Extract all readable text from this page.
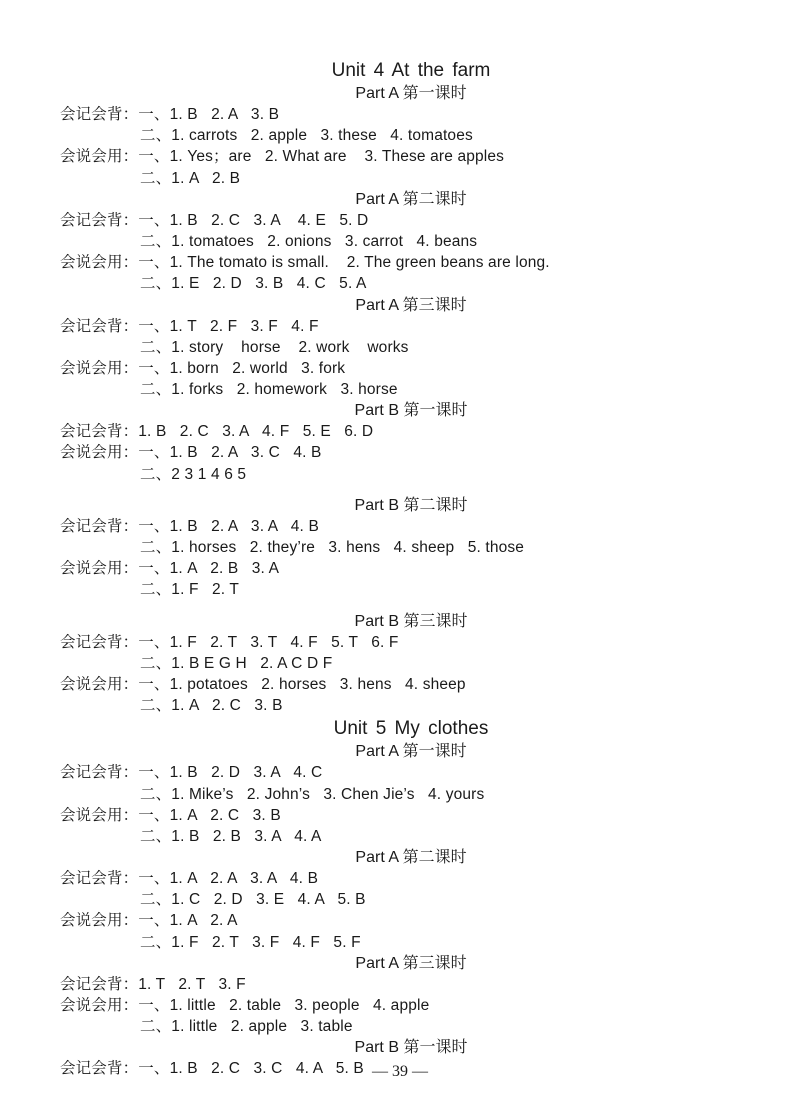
Unit 4 At the farm
Part A 第一课时
会记会背：一、1. B   2. A   3. B
二、1. carrots   2. apple   3. these   4. tomatoes
会说会用：一、1. Yes；are   2. What are    3. These are apples
二、1. A   2. B
Part A 第二课时
会记会背：一、1. B   2. C   3. A    4. E   5. D
二、1. tomatoes   2. onions   3. carrot   4. beans
会说会用：一、1. The tomato is small.    2. The green beans are long.
二、1. E   2. D   3. B   4. C   5. A
Part A 第三课时
会记会背：一、1. T   2. F   3. F   4. F
二、1. story    horse    2. work    works
会说会用：一、1. born   2. world   3. fork
二、1. forks   2. homework   3. horse
Part B 第一课时
会记会背：1. B   2. C   3. A   4. F   5. E   6. D
会说会用：一、1. B   2. A   3. C   4. B
二、2 3 1 4 6 5
Part B 第二课时
会记会背：一、1. B   2. A   3. A   4. B
二、1. horses   2. they’re   3. hens   4. sheep   5. those
会说会用：一、1. A   2. B   3. A
二、1. F   2. T
Part B 第三课时
会记会背：一、1. F   2. T   3. T   4. F   5. T   6. F
二、1. B E G H   2. A C D F
会说会用：一、1. potatoes   2. horses   3. hens   4. sheep
二、1. A   2. C   3. B
Unit 5 My clothes
Part A 第一课时
会记会背：一、1. B   2. D   3. A   4. C
二、1. Mike’s   2. John’s   3. Chen Jie’s   4. yours
会说会用：一、1. A   2. C   3. B
二、1. B   2. B   3. A   4. A
Part A 第二课时
会记会背：一、1. A   2. A   3. A   4. B
二、1. C   2. D   3. E   4. A   5. B
会说会用：一、1. A   2. A
二、1. F   2. T   3. F   4. F   5. F
Part A 第三课时
会记会背：1. T   2. T   3. F
会说会用：一、1. little   2. table   3. people   4. apple
二、1. little   2. apple   3. table
Part B 第一课时
会记会背：一、1. B   2. C   3. C   4. A   5. B — 39 —
